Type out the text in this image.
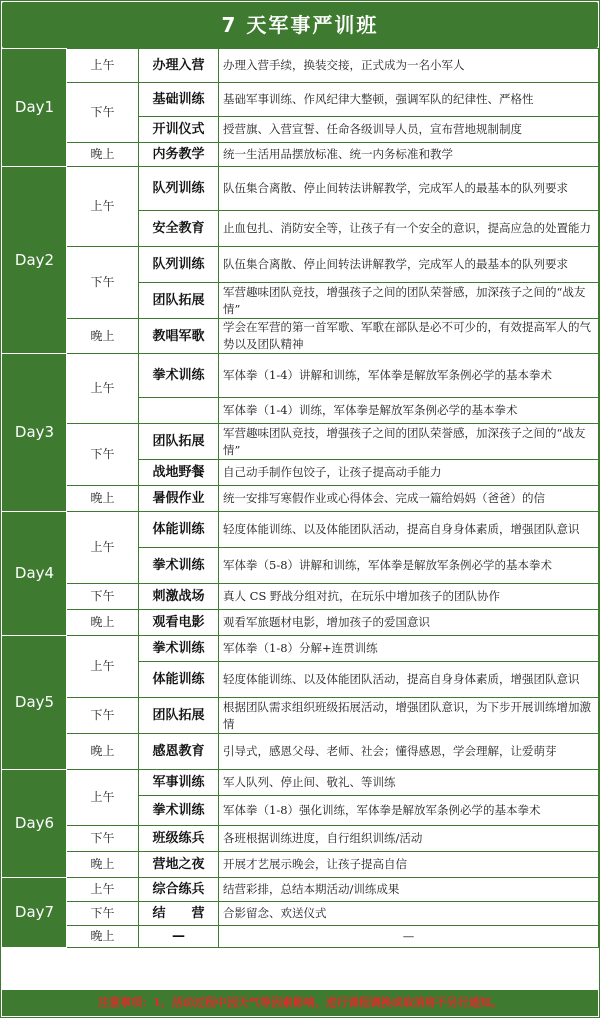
7 天军事严训班
Day1	上午	办理入营	办理入营手续，换装交接，正式成为一名小军人
	下午	基础训练	基础军事训练、作风纪律大整顿，强调军队的纪律性、严格性
		开训仪式	授营旗、入营宣誓、任命各级训导人员，宣布营地规制制度
	晚上	内务教学	统一生活用品摆放标准、统一内务标准和教学
Day2	上午	队列训练	队伍集合离散、停止间转法讲解教学，完成军人的最基本的队列要求
		安全教育	止血包扎、消防安全等，让孩子有一个安全的意识，提高应急的处置能力
	下午	队列训练	队伍集合离散、停止间转法讲解教学，完成军人的最基本的队列要求
		团队拓展	军营趣味团队竞技，增强孩子之间的团队荣誉感，加深孩子之间的“战友情”
	晚上	教唱军歌	学会在军营的第一首军歌、军歌在部队是必不可少的，有效提高军人的气势以及团队精神
Day3	上午	拳术训练	军体拳（1-4）讲解和训练，军体拳是解放军条例必学的基本拳术
			军体拳（1-4）训练，军体拳是解放军条例必学的基本拳术
	下午	团队拓展	军营趣味团队竞技，增强孩子之间的团队荣誉感，加深孩子之间的“战友情”
		战地野餐	自己动手制作包饺子，让孩子提高动手能力
	晚上	暑假作业	统一安排写寒假作业或心得体会、完成一篇给妈妈（爸爸）的信
Day4	上午	体能训练	轻度体能训练、以及体能团队活动，提高自身身体素质，增强团队意识
		拳术训练	军体拳（5-8）讲解和训练，军体拳是解放军条例必学的基本拳术
	下午	刺激战场	真人 CS 野战分组对抗，在玩乐中增加孩子的团队协作
	晚上	观看电影	观看军旅题材电影，增加孩子的爱国意识
Day5	上午	拳术训练	军体拳（1-8）分解+连贯训练
		体能训练	轻度体能训练、以及体能团队活动，提高自身身体素质，增强团队意识
	下午	团队拓展	根据团队需求组织班级拓展活动，增强团队意识，为下步开展训练增加激情
	晚上	感恩教育	引导式，感恩父母、老师、社会；懂得感恩，学会理解，让爱萌芽
Day6	上午	军事训练	军人队列、停止间、敬礼、等训练
		拳术训练	军体拳（1-8）强化训练，军体拳是解放军条例必学的基本拳术
	下午	班级练兵	各班根据训练进度，自行组织训练/活动
	晚上	营地之夜	开展才艺展示晚会，让孩子提高自信
Day7	上午	综合练兵	结营彩排，总结本期活动/训练成果
	下午	结　　营	合影留念、欢送仪式
	晚上	—	—
注意事项：1、活动过程中因天气等因素影响，进行课程调换或取消将不另行通知。
